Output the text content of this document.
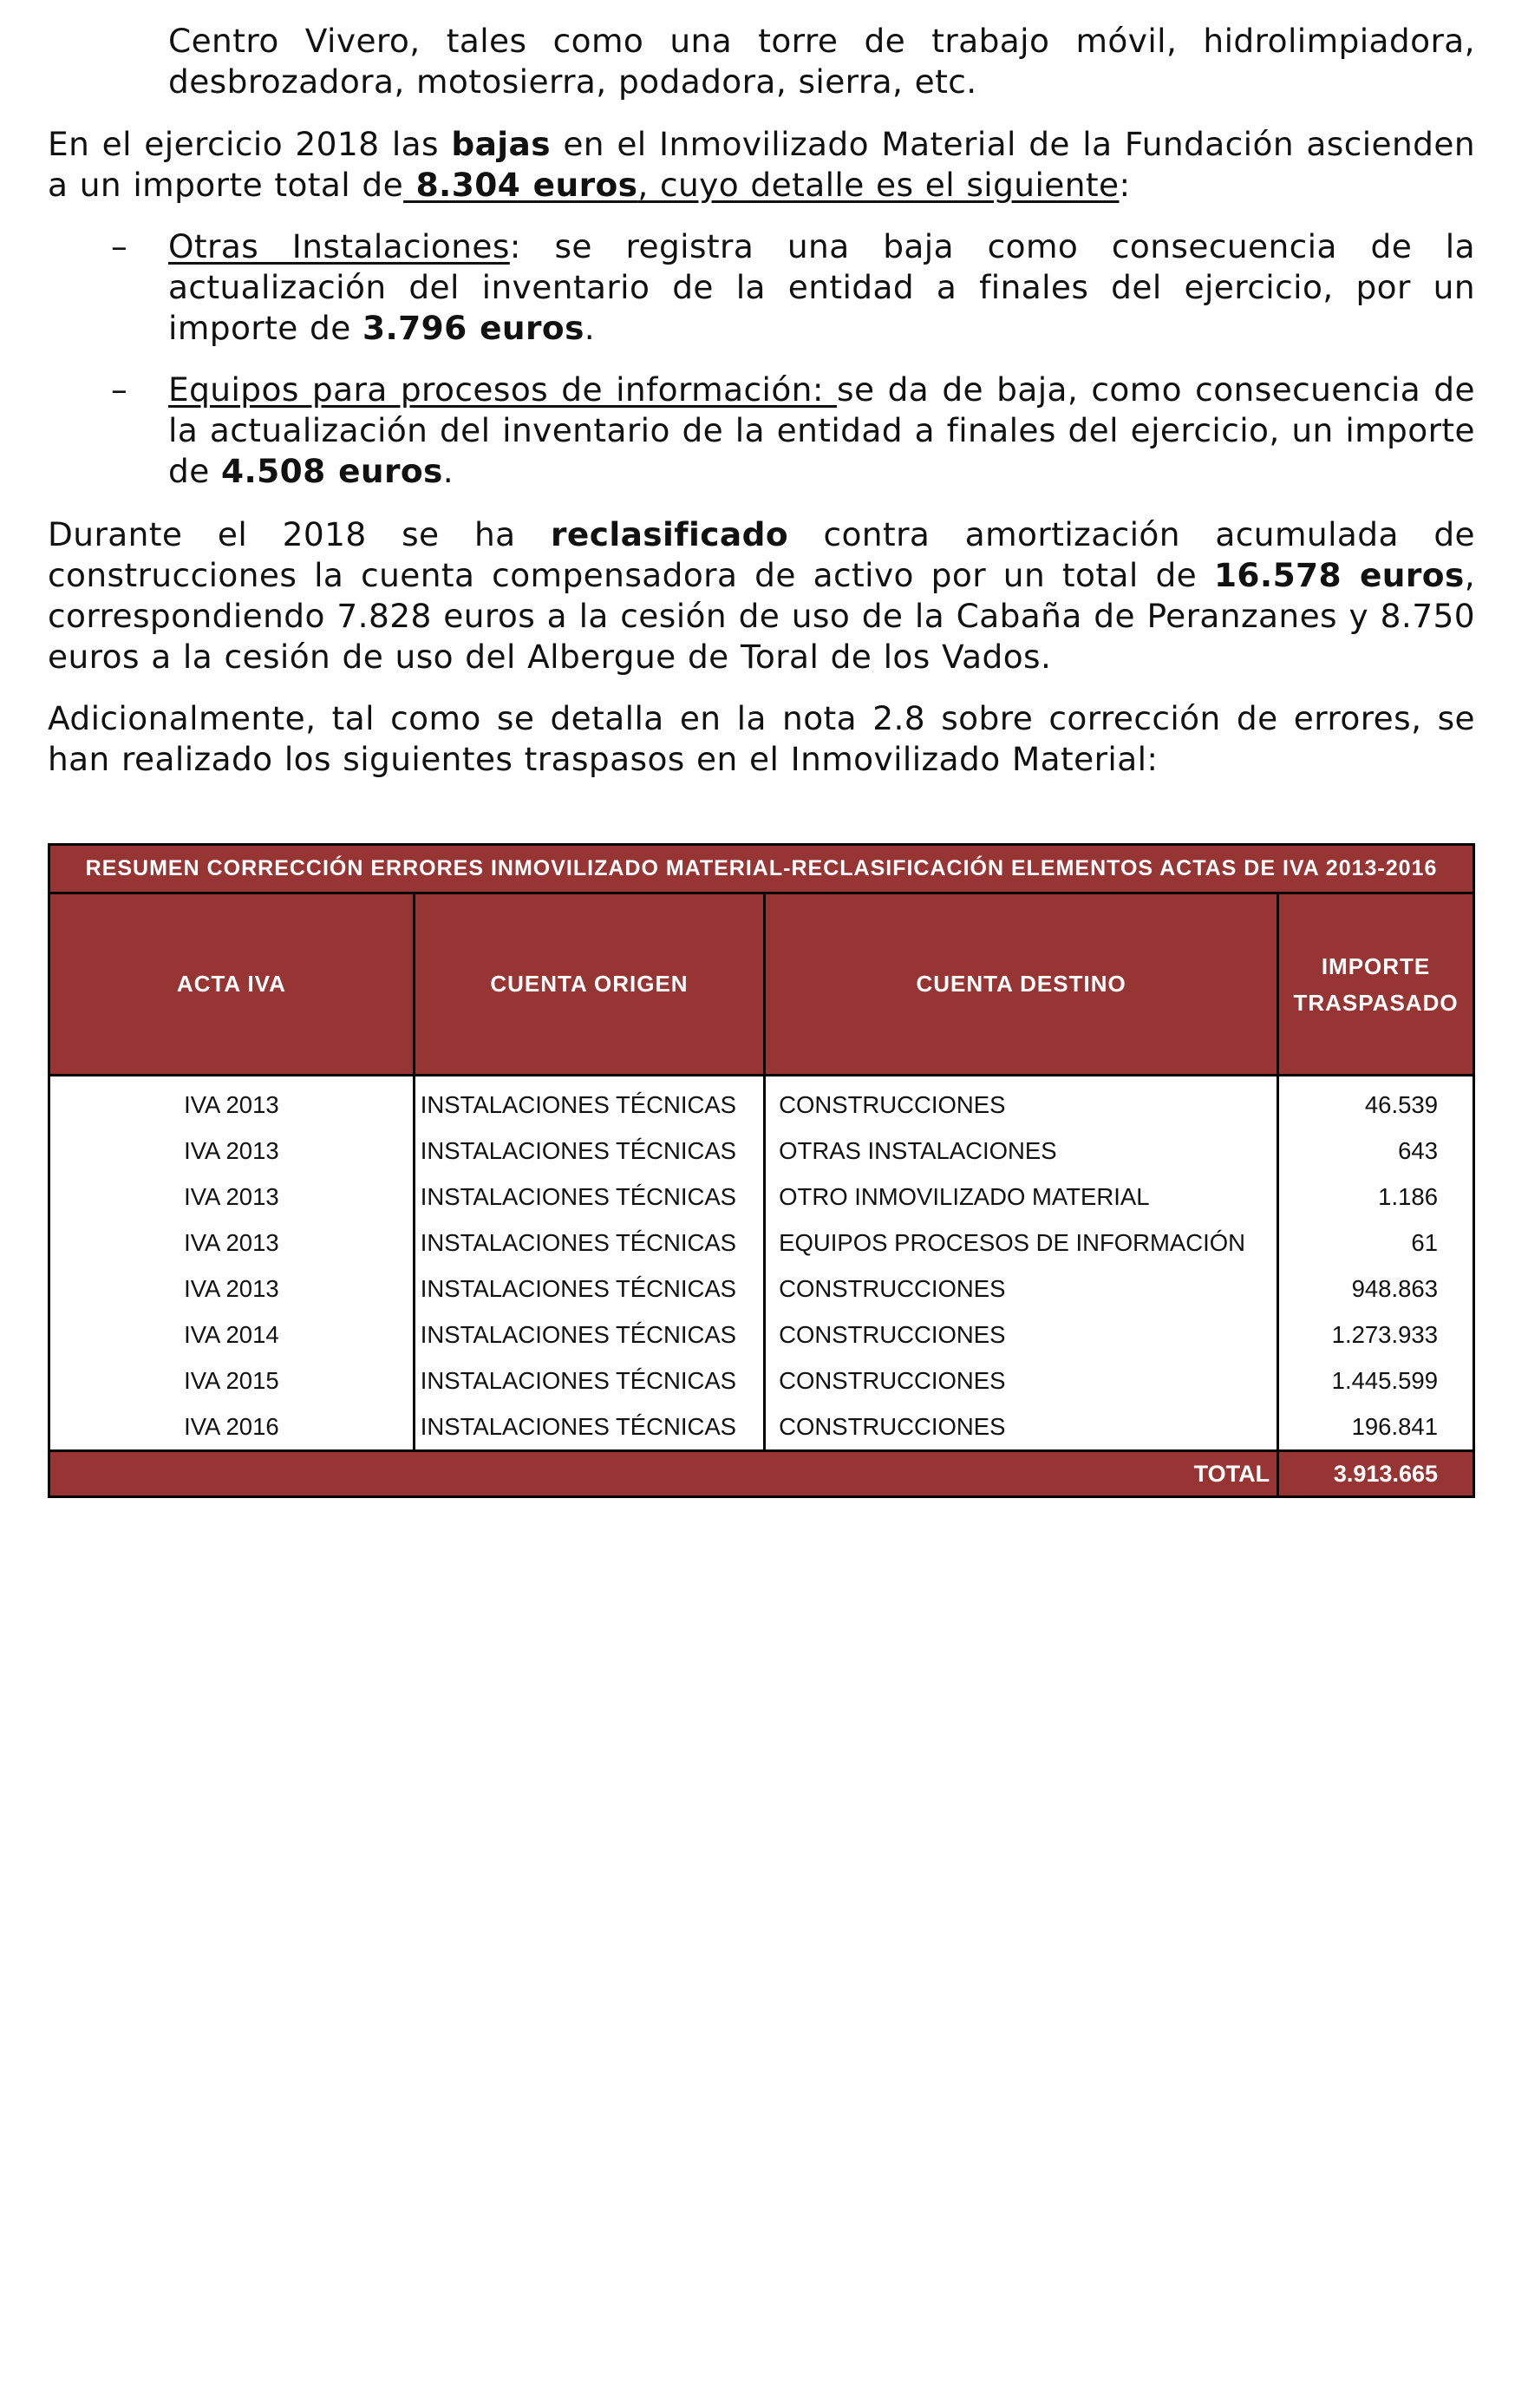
Centro Vivero, tales como una torre de trabajo móvil, hidrolimpiadora, desbrozadora, motosierra, podadora, sierra, etc.

En el ejercicio 2018 las bajas en el Inmovilizado Material de la Fundación ascienden a un importe total de 8.304 euros, cuyo detalle es el siguiente:

– Otras Instalaciones: se registra una baja como consecuencia de la actualización del inventario de la entidad a finales del ejercicio, por un importe de 3.796 euros.

– Equipos para procesos de información: se da de baja, como consecuencia de la actualización del inventario de la entidad a finales del ejercicio, un importe de 4.508 euros.

Durante el 2018 se ha reclasificado contra amortización acumulada de construcciones la cuenta compensadora de activo por un total de 16.578 euros, correspondiendo 7.828 euros a la cesión de uso de la Cabaña de Peranzanes y 8.750 euros a la cesión de uso del Albergue de Toral de los Vados.

Adicionalmente, tal como se detalla en la nota 2.8 sobre corrección de errores, se han realizado los siguientes traspasos en el Inmovilizado Material:

RESUMEN CORRECCIÓN ERRORES INMOVILIZADO MATERIAL-RECLASIFICACIÓN ELEMENTOS ACTAS DE IVA 2013-2016			
ACTA IVA	CUENTA ORIGEN	CUENTA DESTINO	IMPORTE
TRASPASADO
IVA 2013	INSTALACIONES TÉCNICAS	CONSTRUCCIONES	46.539
IVA 2013	INSTALACIONES TÉCNICAS	OTRAS INSTALACIONES	643
IVA 2013	INSTALACIONES TÉCNICAS	OTRO INMOVILIZADO MATERIAL	1.186
IVA 2013	INSTALACIONES TÉCNICAS	EQUIPOS PROCESOS DE INFORMACIÓN	61
IVA 2013	INSTALACIONES TÉCNICAS	CONSTRUCCIONES	948.863
IVA 2014	INSTALACIONES TÉCNICAS	CONSTRUCCIONES	1.273.933
IVA 2015	INSTALACIONES TÉCNICAS	CONSTRUCCIONES	1.445.599
IVA 2016	INSTALACIONES TÉCNICAS	CONSTRUCCIONES	196.841
TOTAL			3.913.665
